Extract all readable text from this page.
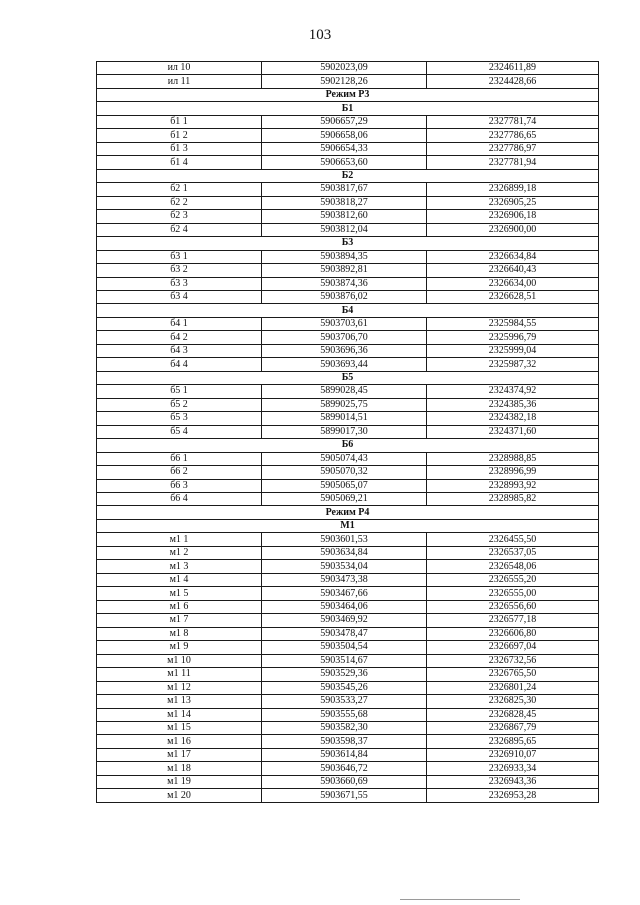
103
ил 10	5902023,09	2324611,89
ил 11	5902128,26	2324428,66
Режим Р3		
Б1		
б1 1	5906657,29	2327781,74
б1 2	5906658,06	2327786,65
б1 3	5906654,33	2327786,97
б1 4	5906653,60	2327781,94
Б2		
б2 1	5903817,67	2326899,18
б2 2	5903818,27	2326905,25
б2 3	5903812,60	2326906,18
б2 4	5903812,04	2326900,00
Б3		
б3 1	5903894,35	2326634,84
б3 2	5903892,81	2326640,43
б3 3	5903874,36	2326634,00
б3 4	5903876,02	2326628,51
Б4		
б4 1	5903703,61	2325984,55
б4 2	5903706,70	2325996,79
б4 3	5903696,36	2325999,04
б4 4	5903693,44	2325987,32
Б5		
б5 1	5899028,45	2324374,92
б5 2	5899025,75	2324385,36
б5 3	5899014,51	2324382,18
б5 4	5899017,30	2324371,60
Б6		
б6 1	5905074,43	2328988,85
б6 2	5905070,32	2328996,99
б6 3	5905065,07	2328993,92
б6 4	5905069,21	2328985,82
Режим Р4		
М1		
м1 1	5903601,53	2326455,50
м1 2	5903634,84	2326537,05
м1 3	5903534,04	2326548,06
м1 4	5903473,38	2326555,20
м1 5	5903467,66	2326555,00
м1 6	5903464,06	2326556,60
м1 7	5903469,92	2326577,18
м1 8	5903478,47	2326606,80
м1 9	5903504,54	2326697,04
м1 10	5903514,67	2326732,56
м1 11	5903529,36	2326765,50
м1 12	5903545,26	2326801,24
м1 13	5903533,27	2326825,30
м1 14	5903555,68	2326828,45
м1 15	5903582,30	2326867,79
м1 16	5903598,37	2326895,65
м1 17	5903614,84	2326910,07
м1 18	5903646,72	2326933,34
м1 19	5903660,69	2326943,36
м1 20	5903671,55	2326953,28
